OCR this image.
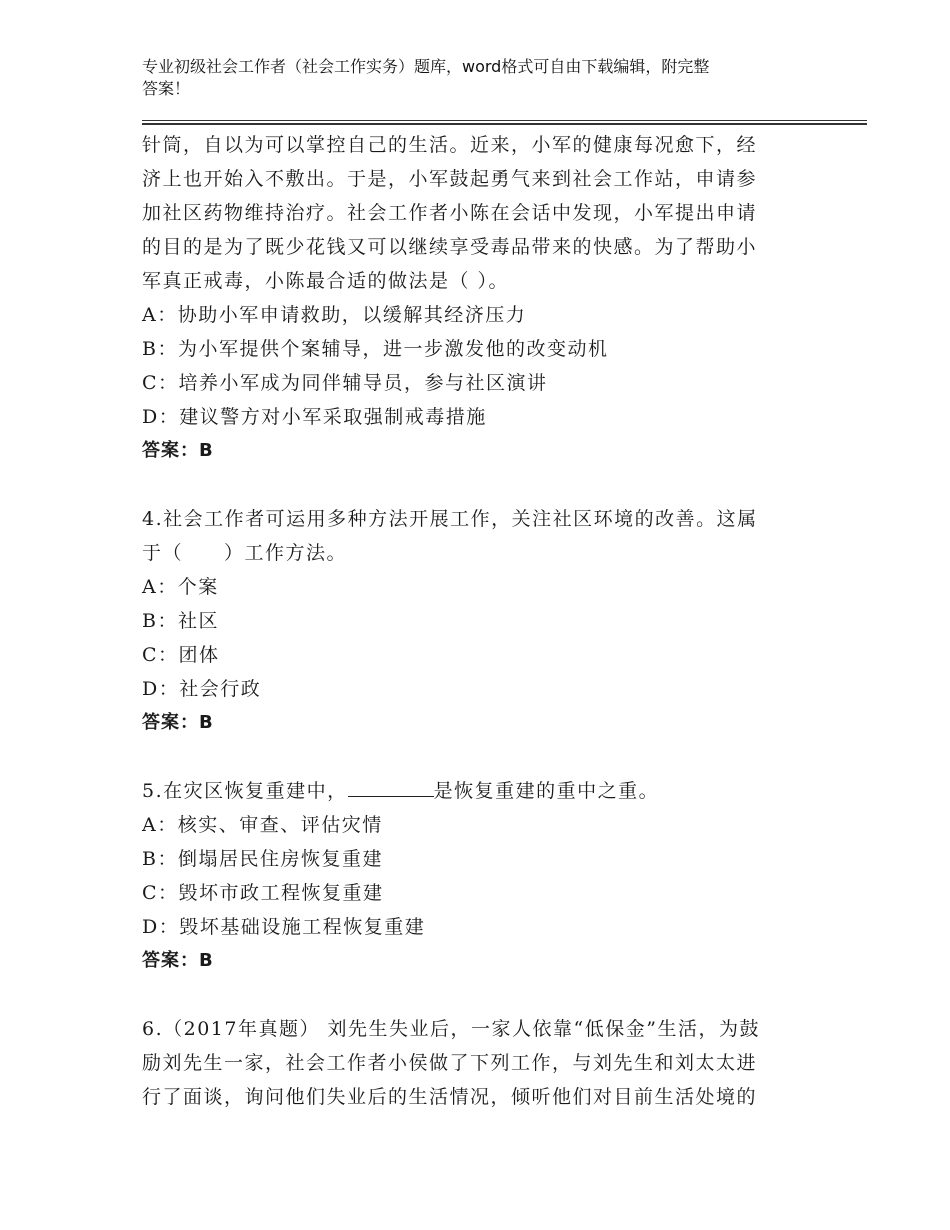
专业初级社会工作者（社会工作实务）题库，word格式可自由下载编辑，附完整
答案！
针筒，自以为可以掌控自己的生活。近来，小军的健康每况愈下，经
济上也开始入不敷出。于是，小军鼓起勇气来到社会工作站，申请参
加社区药物维持治疗。社会工作者小陈在会话中发现，小军提出申请
的目的是为了既少花钱又可以继续享受毒品带来的快感。为了帮助小
军真正戒毒，小陈最合适的做法是（ ）。
A：协助小军申请救助，以缓解其经济压力
B：为小军提供个案辅导，进一步激发他的改变动机
C：培养小军成为同伴辅导员，参与社区演讲
D：建议警方对小军采取强制戒毒措施
答案：B
4.社会工作者可运用多种方法开展工作，关注社区环境的改善。这属
于（　　）工作方法。
A：个案
B：社区
C：团体
D：社会行政
答案：B
5.在灾区恢复重建中，	是恢复重建的重中之重。
A：核实、审查、评估灾情
B：倒塌居民住房恢复重建
C：毁坏市政工程恢复重建
D：毁坏基础设施工程恢复重建
答案：B
6.（2017年真题） 刘先生失业后，一家人依靠“低保金”生活，为鼓
励刘先生一家，社会工作者小侯做了下列工作，与刘先生和刘太太进
行了面谈，询问他们失业后的生活情况，倾听他们对目前生活处境的
